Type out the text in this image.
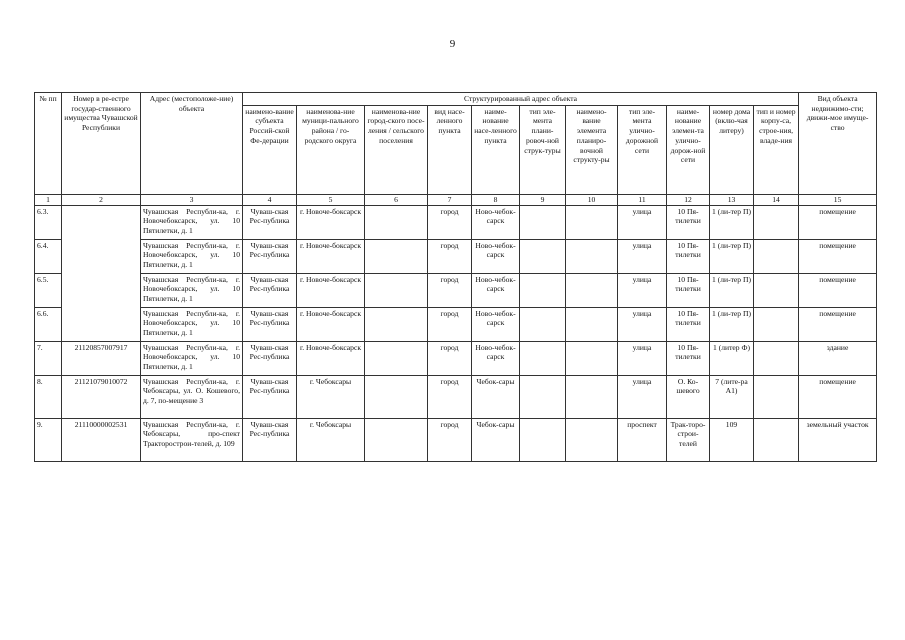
9
№ пп	Номер в ре-естре государ-ственного имущества Чувашской Республики	Адрес (местоположе-ние) объекта	Структурированный адрес объекта											Вид объекта недвижимо-сти; движи-мое имуще-ство
			наимено-вание субъекта Россий-ской Фе-дерации	наименова-ние муници-пального района / го-родского округа	наименова-ние город-ского посе-ления / сельского поселения	вид насе-ленного пункта	наиме-нование насе-ленного пункта	тип эле-мента плани-ровоч-ной струк-туры	наимено-вание элемента планиро-вочной структу-ры	тип эле-мента улично-дорожной сети	наиме-нование элемен-та улично-дорож-ной сети	номер дома (вклю-чая литеру)	тип и номер корпу-са, строе-ния, владе-ния	
1	2	3	4	5	6	7	8	9	10	11	12	13	14	15
6.3.		Чувашская Республи-ка, г. Новочебоксарск, ул. 10 Пятилетки, д. 1	Чуваш-ская Рес-публика	г. Новоче-боксарск		город	Ново-чебок-сарск			улица	10 Пя-тилетки	1 (ли-тер П)		помещение
6.4.		Чувашская Республи-ка, г. Новочебоксарск, ул. 10 Пятилетки, д. 1	Чуваш-ская Рес-публика	г. Новоче-боксарск		город	Ново-чебок-сарск			улица	10 Пя-тилетки	1 (ли-тер П)		помещение
6.5.		Чувашская Республи-ка, г. Новочебоксарск, ул. 10 Пятилетки, д. 1	Чуваш-ская Рес-публика	г. Новоче-боксарск		город	Ново-чебок-сарск			улица	10 Пя-тилетки	1 (ли-тер П)		помещение
6.6.		Чувашская Республи-ка, г. Новочебоксарск, ул. 10 Пятилетки, д. 1	Чуваш-ская Рес-публика	г. Новоче-боксарск		город	Ново-чебок-сарск			улица	10 Пя-тилетки	1 (ли-тер П)		помещение
7.	21120857007917	Чувашская Республи-ка, г. Новочебоксарск, ул. 10 Пятилетки, д. 1	Чуваш-ская Рес-публика	г. Новоче-боксарск		город	Ново-чебок-сарск			улица	10 Пя-тилетки	1 (литер Ф)		здание
8.	21121079010072	Чувашская Республи-ка, г. Чебоксары, ул. О. Кошевого, д. 7, по-мещение 3	Чуваш-ская Рес-публика	г. Чебоксары		город	Чебок-сары			улица	О. Ко-шевого	7 (лите-ра А1)		помещение
9.	21110000002531	Чувашская Республи-ка, г. Чебоксары, про-спект Тракторострои-телей, д. 109	Чуваш-ская Рес-публика	г. Чебоксары		город	Чебок-сары			проспект	Трак-торо-строи-телей	109		земельный участок
